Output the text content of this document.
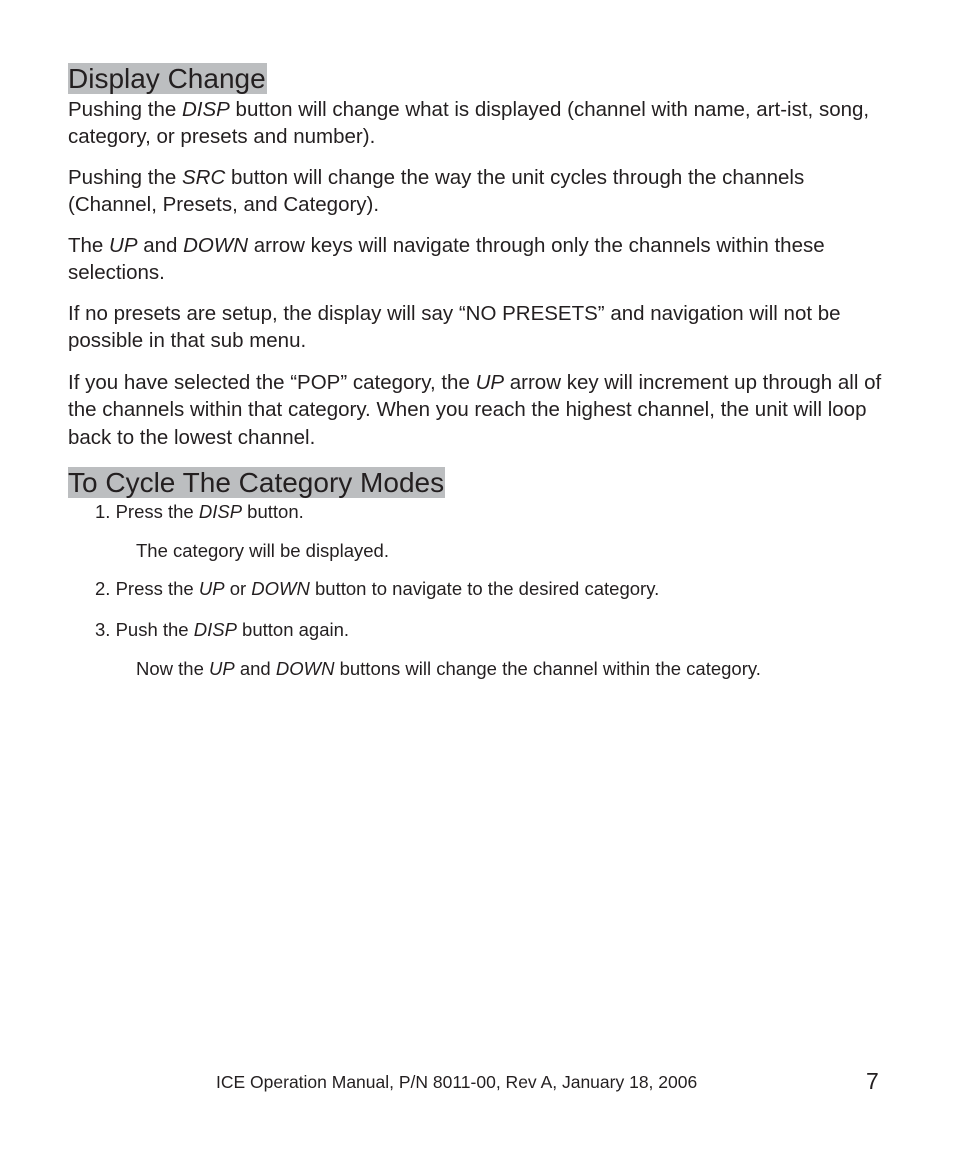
Display Change

Pushing the DISP button will change what is displayed (channel with name, art-ist, song, category, or presets and number).

Pushing the SRC button will change the way the unit cycles through the channels (Channel, Presets, and Category).

The UP and DOWN arrow keys will navigate through only the channels within these selections.

If no presets are setup, the display will say “NO PRESETS” and navigation will not be possible in that sub menu.

If you have selected the “POP” category, the UP arrow key will increment up through all of the channels within that category. When you reach the highest channel, the unit will loop back to the lowest channel.

To Cycle The Category Modes

1. Press the DISP button.

The category will be displayed.

2. Press the UP or DOWN button to navigate to the desired category.

3. Push the DISP button again.

Now the UP and DOWN buttons will change the channel within the category.

ICE Operation Manual, P/N 8011-00, Rev A, January 18, 2006	7
